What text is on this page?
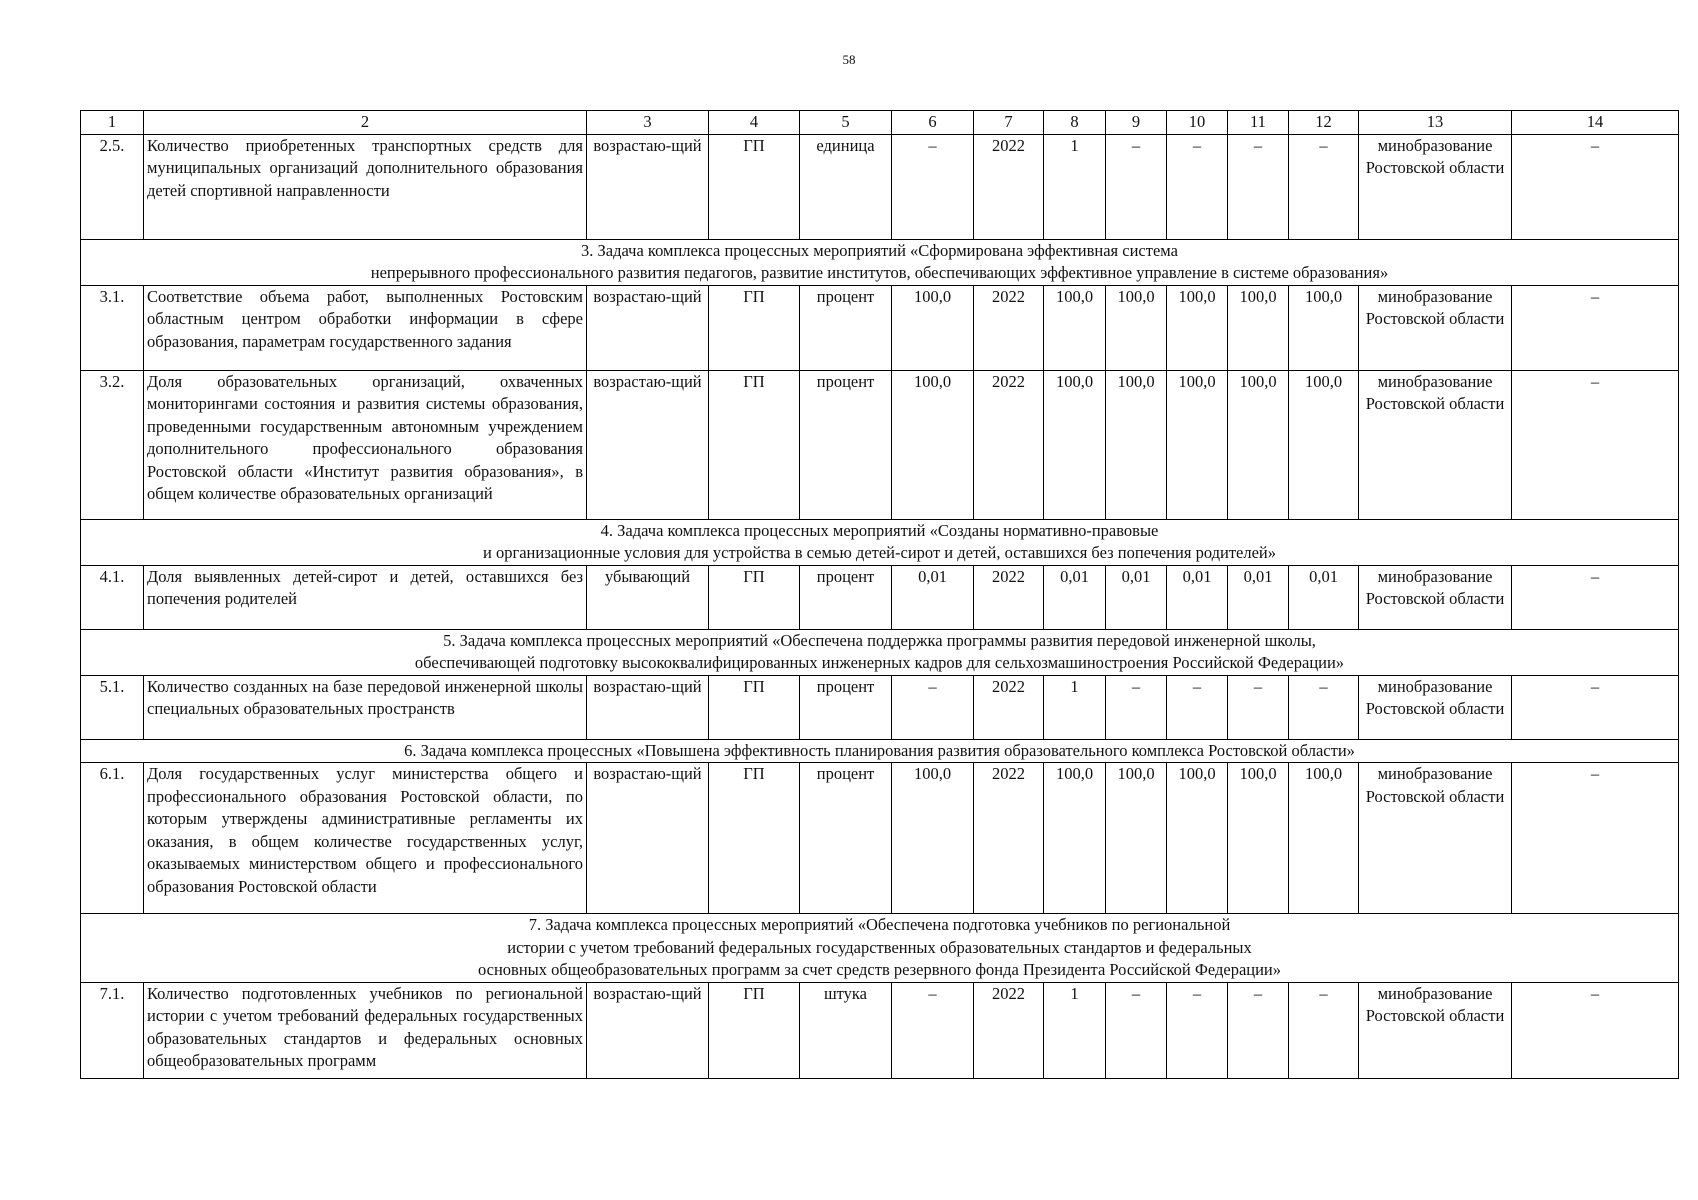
58
1	2	3	4	5	6	7	8	9	10	11	12	13	14
2.5.	Количество приобретенных транспортных средств для муниципальных организаций дополнительного образования детей спортивной направленности	возрастаю-щий	ГП	единица	–	2022	1	–	–	–	–	минобразование Ростовской области	–

3. Задача комплекса процессных мероприятий «Сформирована эффективная система
непрерывного профессионального развития педагогов, развитие институтов, обеспечивающих эффективное управление в системе образования»													

3.1.	Соответствие объема работ, выполненных Ростовским областным центром обработки информации в сфере образования, параметрам государственного задания	возрастаю-щий	ГП	процент	100,0	2022	100,0	100,0	100,0	100,0	100,0	минобразование Ростовской области	–
3.2.	Доля образовательных организаций, охваченных мониторингами состояния и развития системы образования, проведенными государственным автономным учреждением дополнительного профессионального образования Ростовской области «Институт развития образования», в общем количестве образовательных организаций	возрастаю-щий	ГП	процент	100,0	2022	100,0	100,0	100,0	100,0	100,0	минобразование Ростовской области	–

4. Задача комплекса процессных мероприятий «Созданы нормативно-правовые
и организационные условия для устройства в семью детей-сирот и детей, оставшихся без попечения родителей»													

4.1.	Доля выявленных детей-сирот и детей, оставшихся без попечения родителей	убывающий	ГП	процент	0,01	2022	0,01	0,01	0,01	0,01	0,01	минобразование Ростовской области	–

5. Задача комплекса процессных мероприятий «Обеспечена поддержка программы развития передовой инженерной школы,
обеспечивающей подготовку высококвалифицированных инженерных кадров для сельхозмашиностроения Российской Федерации»													

5.1.	Количество созданных на базе передовой инженерной школы специальных образовательных пространств	возрастаю-щий	ГП	процент	–	2022	1	–	–	–	–	минобразование Ростовской области	–

6. Задача комплекса процессных «Повышена эффективность планирования развития образовательного комплекса Ростовской области»													

6.1.	Доля государственных услуг министерства общего и профессионального образования Ростовской области, по которым утверждены административные регламенты их оказания, в общем количестве государственных услуг, оказываемых министерством общего и профессионального образования Ростовской области	возрастаю-щий	ГП	процент	100,0	2022	100,0	100,0	100,0	100,0	100,0	минобразование Ростовской области	–

7. Задача комплекса процессных мероприятий «Обеспечена подготовка учебников по региональной
истории с учетом требований федеральных государственных образовательных стандартов и федеральных
основных общеобразовательных программ за счет средств резервного фонда Президента Российской Федерации»													

7.1.	Количество подготовленных учебников по региональной истории с учетом требований федеральных государственных образовательных стандартов и федеральных основных общеобразовательных программ	возрастаю-щий	ГП	штука	–	2022	1	–	–	–	–	минобразование Ростовской области	–
